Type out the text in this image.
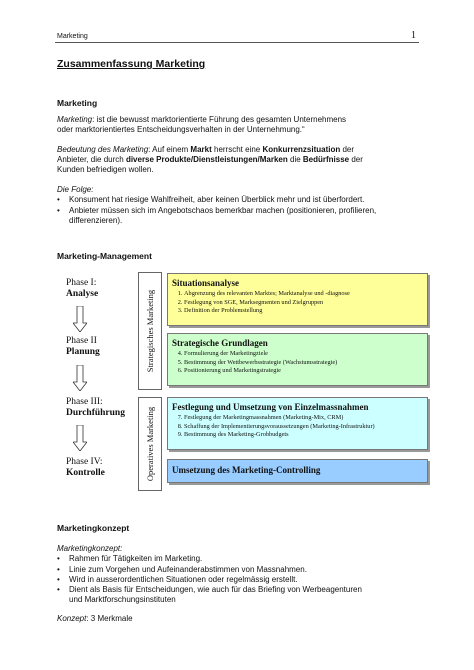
Marketing	1
Zusammenfassung Marketing
Marketing
Marketing: ist die bewusst marktorientierte Führung des gesamten Unternehmens
oder marktorientiertes Entscheidungsverhalten in der Unternehmung.“
Bedeutung des Marketing: Auf einem Markt herrscht eine Konkurrenzsituation der
Anbieter, die durch diverse Produkte/Dienstleistungen/Marken die Bedürfnisse der
Kunden befriedigen wollen.
Die Folge:
• Konsument hat riesige Wahlfreiheit, aber keinen Überblick mehr und ist überfordert.
• Anbieter müssen sich im Angebotschaos bemerkbar machen (positionieren, profilieren,
differenzieren).
Marketing-Management
Phase I:
Analyse
Phase II
Planung
Phase III:
Durchführung
Phase IV:
Kontrolle
Strategisches Marketing
Operatives Marketing
Situationsanalyse
1. Abgrenzung des relevanten Marktes; Marktanalyse und -diagnose
2. Festlegung von SGE, Marksegmenten und Zielgruppen
3. Definition der Problemstellung
Strategische Grundlagen
4. Formulierung der Marketingziele
5. Bestimmung der Wettbewerbsstrategie (Wachstumsstrategie)
6. Positionierung und Marketingstrategie
Festlegung und Umsetzung von Einzelmassnahmen
7. Festlegung der Marketingmassnahmen (Marketing-Mix, CRM)
8. Schaffung der Implementierungsvoraussetzungen (Marketing-Infrastruktur)
9. Bestimmung des Marketing-Grobbudgets
Umsetzung des Marketing-Controlling
Marketingkonzept
Marketingkonzept:
• Rahmen für Tätigkeiten im Marketing.
• Linie zum Vorgehen und Aufeinanderabstimmen von Massnahmen.
• Wird in ausserordentlichen Situationen oder regelmässig erstellt.
• Dient als Basis für Entscheidungen, wie auch für das Briefing von Werbeagenturen
und Marktforschungsinstituten
Konzept: 3 Merkmale
